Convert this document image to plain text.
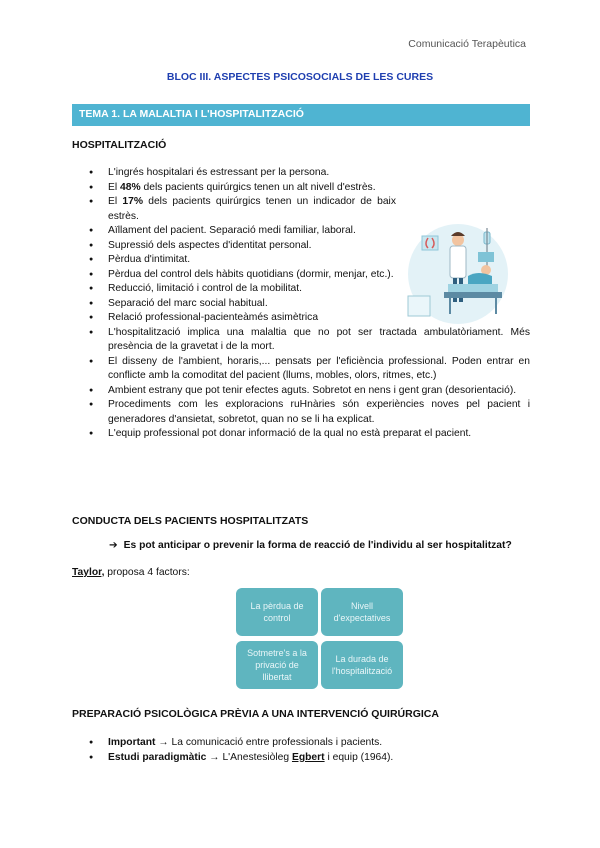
Comunicació Terapèutica
BLOC III. ASPECTES PSICOSOCIALS DE LES CURES
TEMA 1. LA MALALTIA I L'HOSPITALITZACIÓ
HOSPITALITZACIÓ
● L'ingrés hospitalari és estressant per la persona.
● El 48% dels pacients quirúrgics tenen un alt nivell d'estrès.
● El 17% dels pacients quirúrgics tenen un indicador de baix estrès.
● Aïllament del pacient. Separació medi familiar, laboral.
● Supressió dels aspectes d'identitat personal.
● Pèrdua d'intimitat.
● Pèrdua del control dels hàbits quotidians (dormir, menjar, etc.).
● Reducció, limitació i control de la mobilitat.
● Separació del marc social habitual.
● Relació professional-pacienteàmés asimètrica
● L'hospitalització implica una malaltia que no pot ser tractada ambulatòriament. Més presència de la gravetat i de la mort.
● El disseny de l'ambient, horaris,... pensats per l'eficiència professional. Poden entrar en conflicte amb la comoditat del pacient (llums, mobles, olors, ritmes, etc.)
● Ambient estrany que pot tenir efectes aguts. Sobretot en nens i gent gran (desorientació).
● Procediments com les exploracions ruHnàries són experiències noves pel pacient i generadores d'ansietat, sobretot, quan no se li ha explicat.
● L'equip professional pot donar informació de la qual no està preparat el pacient.
CONDUCTA DELS PACIENTS HOSPITALITZATS
➔ Es pot anticipar o prevenir la forma de reacció de l'individu al ser hospitalitzat?
Taylor, proposa 4 factors:
La pèrdua de control
Nivell d'expectatives
Sotmetre's a la privació de llibertat
La durada de l'hospitalització
PREPARACIÓ PSICOLÒGICA PRÈVIA A UNA INTERVENCIÓ QUIRÚRGICA
● Important → La comunicació entre professionals i pacients.
● Estudi paradigmàtic → L'Anestesiòleg Egbert i equip (1964).
